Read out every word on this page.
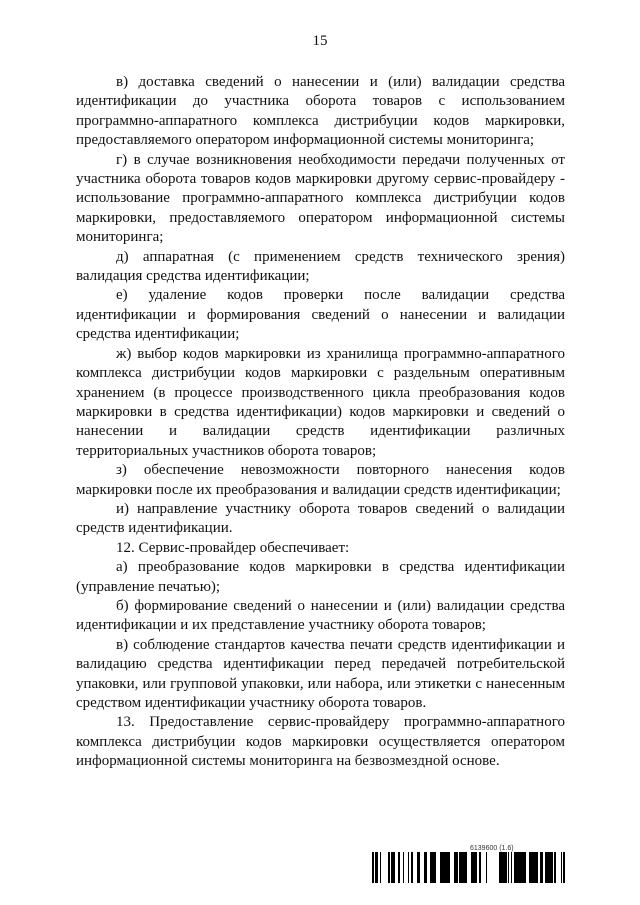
15

в) доставка сведений о нанесении и (или) валидации средства идентификации до участника оборота товаров с использованием программно-аппаратного комплекса дистрибуции кодов маркировки, предоставляемого оператором информационной системы мониторинга;

г) в случае возникновения необходимости передачи полученных от участника оборота товаров кодов маркировки другому сервис-провайдеру - использование программно-аппаратного комплекса дистрибуции кодов маркировки, предоставляемого оператором информационной системы мониторинга;

д) аппаратная (с применением средств технического зрения) валидация средства идентификации;

е) удаление кодов проверки после валидации средства идентификации и формирования сведений о нанесении и валидации средства идентификации;

ж) выбор кодов маркировки из хранилища программно-аппаратного комплекса дистрибуции кодов маркировки с раздельным оперативным хранением (в процессе производственного цикла преобразования кодов маркировки в средства идентификации) кодов маркировки и сведений о нанесении и валидации средств идентификации различных территориальных участников оборота товаров;

з) обеспечение невозможности повторного нанесения кодов маркировки после их преобразования и валидации средств идентификации;

и) направление участнику оборота товаров сведений о валидации средств идентификации.

12. Сервис-провайдер обеспечивает:

а) преобразование кодов маркировки в средства идентификации (управление печатью);

б) формирование сведений о нанесении и (или) валидации средства идентификации и их представление участнику оборота товаров;

в) соблюдение стандартов качества печати средств идентификации и валидацию средства идентификации перед передачей потребительской упаковки, или групповой упаковки, или набора, или этикетки с нанесенным средством идентификации участнику оборота товаров.

13. Предоставление сервис-провайдеру программно-аппаратного комплекса дистрибуции кодов маркировки осуществляется оператором информационной системы мониторинга на безвозмездной основе.

6139600 (1.6)
